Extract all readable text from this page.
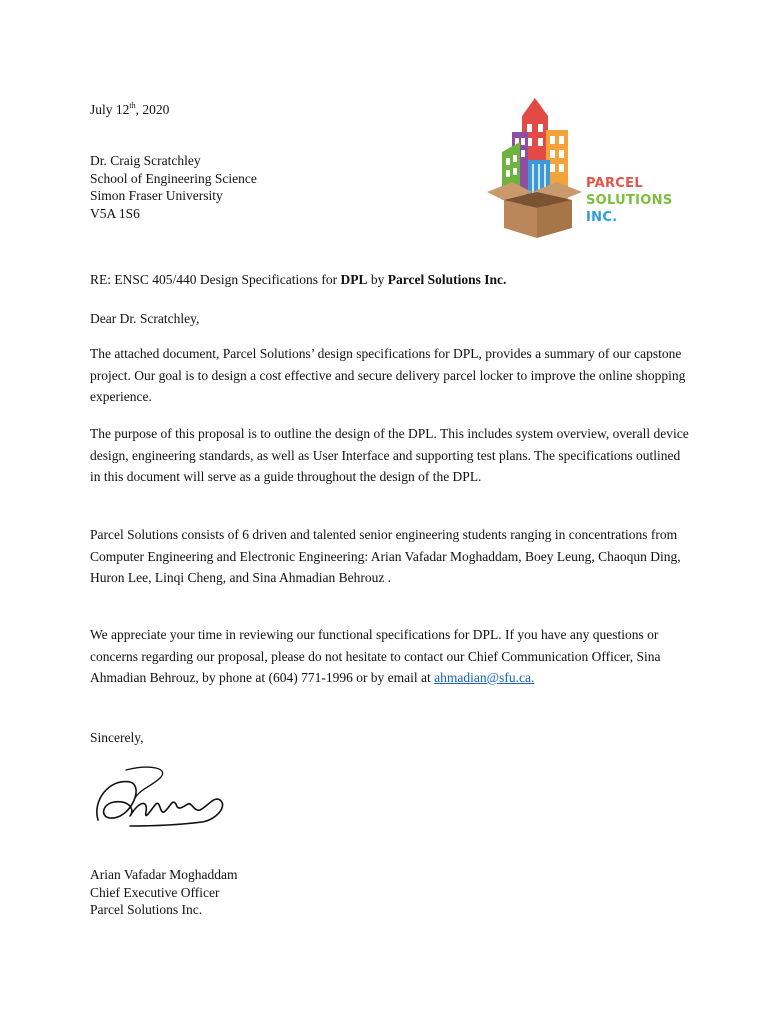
July 12th, 2020
Dr. Craig Scratchley
School of Engineering Science
Simon Fraser University
V5A 1S6
PARCEL
SOLUTIONS
INC.
RE: ENSC 405/440 Design Specifications for DPL by Parcel Solutions Inc.
Dear Dr. Scratchley,

The attached document, Parcel Solutions’ design specifications for DPL, provides a summary of our capstone project. Our goal is to design a cost effective and secure delivery parcel locker to improve the online shopping experience.

The purpose of this proposal is to outline the design of the DPL. This includes system overview, overall device design, engineering standards, as well as User Interface and supporting test plans. The specifications outlined in this document will serve as a guide throughout the design of the DPL.

Parcel Solutions consists of 6 driven and talented senior engineering students ranging in concentrations from Computer Engineering and Electronic Engineering: Arian Vafadar Moghaddam, Boey Leung, Chaoqun Ding, Huron Lee, Linqi Cheng, and Sina Ahmadian Behrouz .

We appreciate your time in reviewing our functional specifications for DPL. If you have any questions or concerns regarding our proposal, please do not hesitate to contact our Chief Communication Officer, Sina Ahmadian Behrouz, by phone at (604) 771-1996 or by email at ahmadian@sfu.ca.

Sincerely,
Arian Vafadar Moghaddam
Chief Executive Officer
Parcel Solutions Inc.
